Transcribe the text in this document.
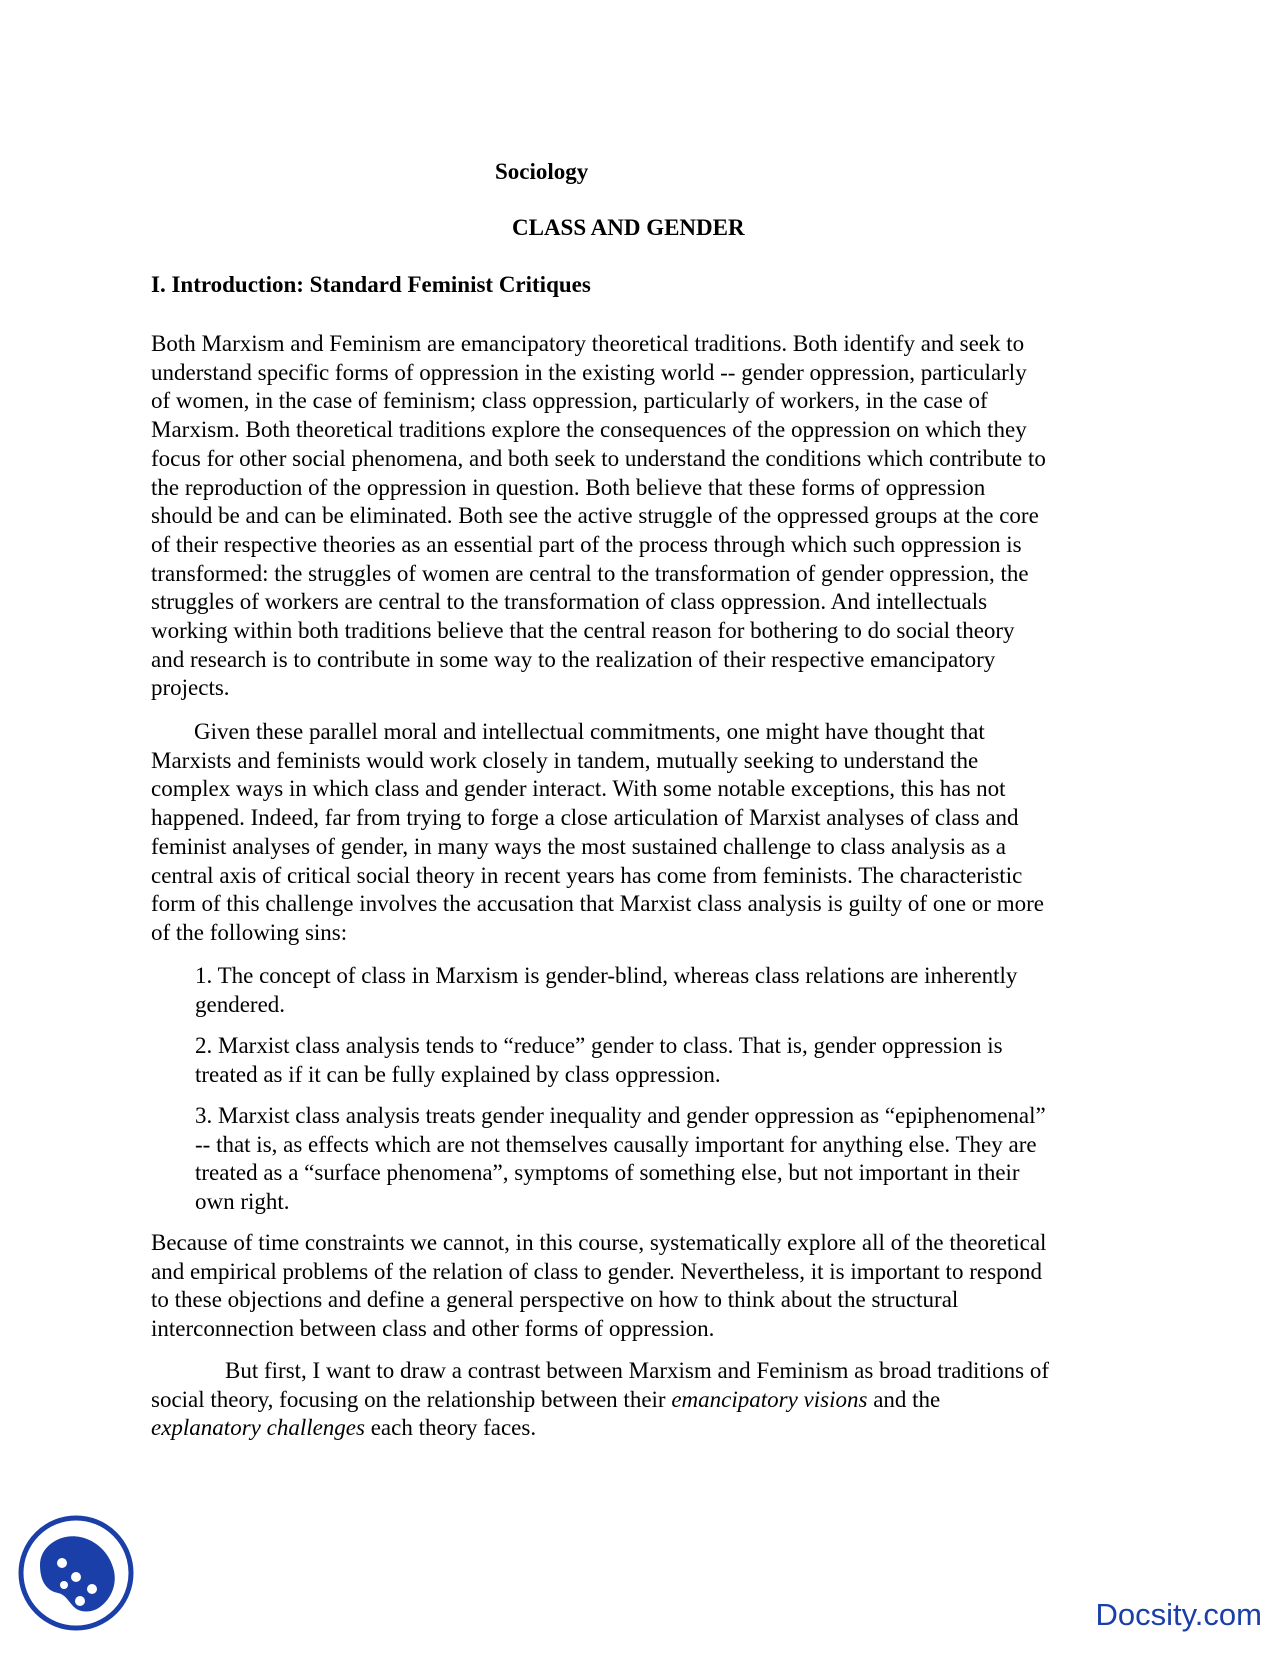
Sociology
CLASS AND GENDER
I. Introduction: Standard Feminist Critiques

Both Marxism and Feminism are emancipatory theoretical traditions. Both identify and seek to
understand specific forms of oppression in the existing world -- gender oppression, particularly
of women, in the case of feminism; class oppression, particularly of workers, in the case of
Marxism. Both theoretical traditions explore the consequences of the oppression on which they
focus for other social phenomena, and both seek to understand the conditions which contribute to
the reproduction of the oppression in question. Both believe that these forms of oppression
should be and can be eliminated. Both see the active struggle of the oppressed groups at the core
of their respective theories as an essential part of the process through which such oppression is
transformed: the struggles of women are central to the transformation of gender oppression, the
struggles of workers are central to the transformation of class oppression. And intellectuals
working within both traditions believe that the central reason for bothering to do social theory
and research is to contribute in some way to the realization of their respective emancipatory
projects.

Given these parallel moral and intellectual commitments, one might have thought that
Marxists and feminists would work closely in tandem, mutually seeking to understand the
complex ways in which class and gender interact. With some notable exceptions, this has not
happened. Indeed, far from trying to forge a close articulation of Marxist analyses of class and
feminist analyses of gender, in many ways the most sustained challenge to class analysis as a
central axis of critical social theory in recent years has come from feminists. The characteristic
form of this challenge involves the accusation that Marxist class analysis is guilty of one or more
of the following sins:

1. The concept of class in Marxism is gender-blind, whereas class relations are inherently
gendered.

2. Marxist class analysis tends to “reduce” gender to class. That is, gender oppression is
treated as if it can be fully explained by class oppression.

3. Marxist class analysis treats gender inequality and gender oppression as “epiphenomenal”
-- that is, as effects which are not themselves causally important for anything else. They are
treated as a “surface phenomena”, symptoms of something else, but not important in their
own right.

Because of time constraints we cannot, in this course, systematically explore all of the theoretical
and empirical problems of the relation of class to gender. Nevertheless, it is important to respond
to these objections and define a general perspective on how to think about the structural
interconnection between class and other forms of oppression.

But first, I want to draw a contrast between Marxism and Feminism as broad traditions of
social theory, focusing on the relationship between their emancipatory visions and the
explanatory challenges each theory faces.

Docsity.com
